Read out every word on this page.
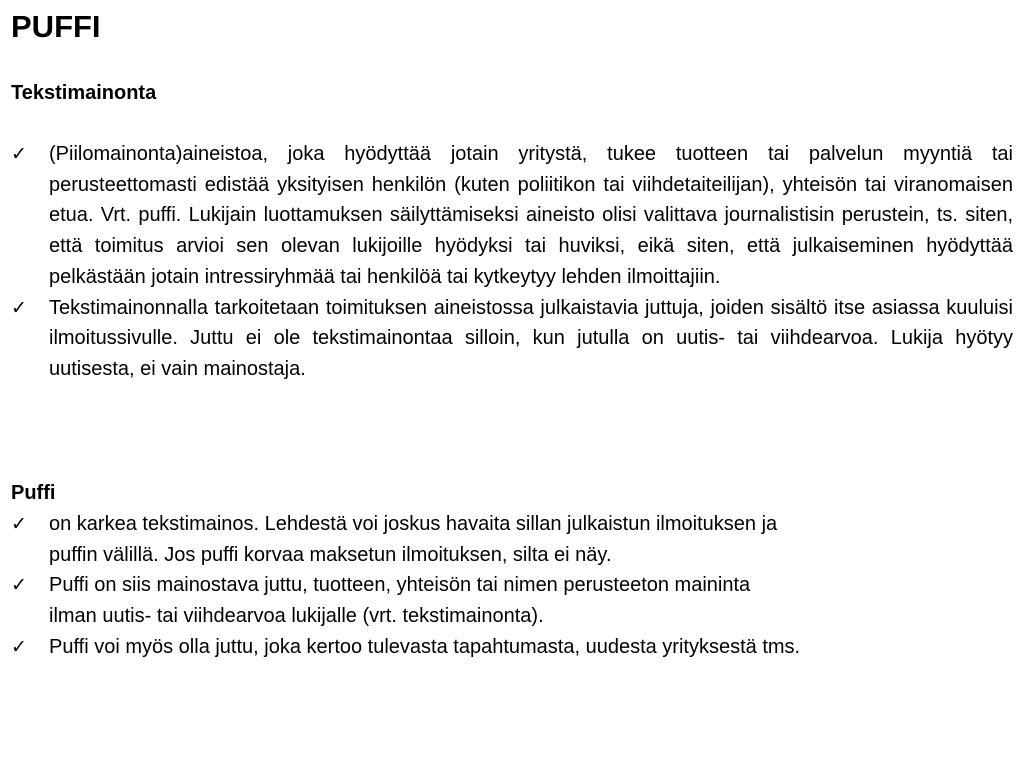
PUFFI
Tekstimainonta
✓	(Piilomainonta)aineistoa, joka hyödyttää jotain yritystä, tukee tuotteen tai palvelun myyntiä tai perusteettomasti edistää yksityisen henkilön (kuten poliitikon tai viihdetaiteilijan), yhteisön tai viranomaisen etua. Vrt. puffi. Lukijain luottamuksen säilyttämiseksi aineisto olisi valittava journalistisin perustein, ts. siten, että toimitus arvioi sen olevan lukijoille hyödyksi tai huviksi, eikä siten, että julkaiseminen hyödyttää pelkästään jotain intressiryhmää tai henkilöä tai kytkeytyy lehden ilmoittajiin.
✓	Tekstimainonnalla tarkoitetaan toimituksen aineistossa julkaistavia juttuja, joiden sisältö itse asiassa kuuluisi ilmoitussivulle. Juttu ei ole tekstimainontaa silloin, kun jutulla on uutis- tai viihdearvoa. Lukija hyötyy uutisesta, ei vain mainostaja.
Puffi
✓	on karkea tekstimainos. Lehdestä voi joskus havaita sillan julkaistun ilmoituksen ja
puffin välillä. Jos puffi korvaa maksetun ilmoituksen, silta ei näy.
✓	Puffi on siis mainostava juttu, tuotteen, yhteisön tai nimen perusteeton maininta
ilman uutis- tai viihdearvoa lukijalle (vrt. tekstimainonta).
✓	Puffi voi myös olla juttu, joka kertoo tulevasta tapahtumasta, uudesta yrityksestä tms.
